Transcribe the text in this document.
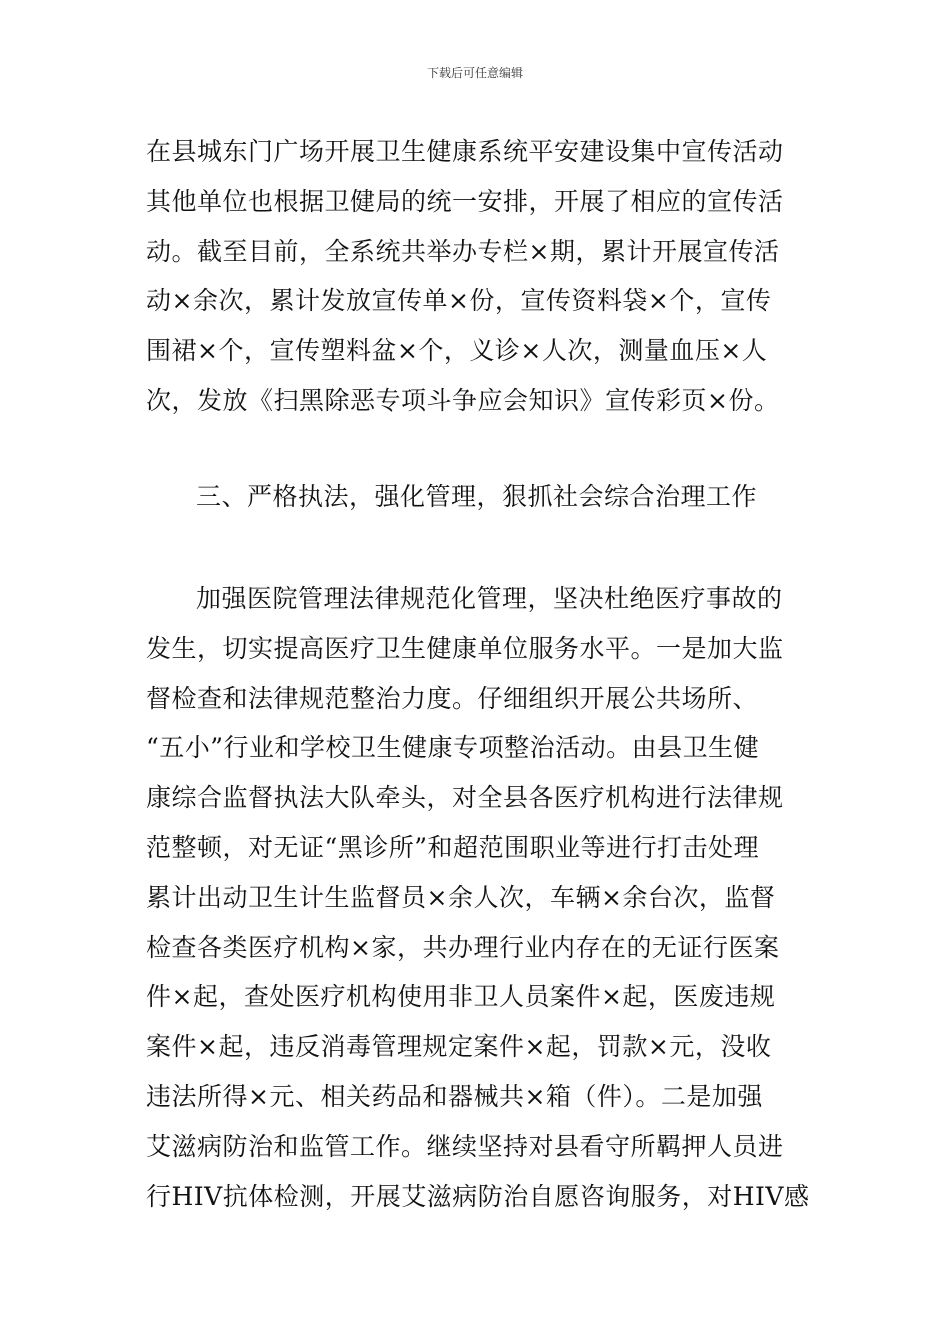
下载后可任意编辑
在县城东门广场开展卫生健康系统平安建设集中宣传活动
其他单位也根据卫健局的统一安排，开展了相应的宣传活
动。截至目前，全系统共举办专栏×期，累计开展宣传活
动×余次，累计发放宣传单×份，宣传资料袋×个，宣传
围裙×个，宣传塑料盆×个，义诊×人次，测量血压×人
次，发放《扫黑除恶专项斗争应会知识》宣传彩页×份。
三、严格执法，强化管理，狠抓社会综合治理工作
加强医院管理法律规范化管理，坚决杜绝医疗事故的
发生，切实提高医疗卫生健康单位服务水平。一是加大监
督检查和法律规范整治力度。仔细组织开展公共场所、
“五小”行业和学校卫生健康专项整治活动。由县卫生健
康综合监督执法大队牵头，对全县各医疗机构进行法律规
范整顿，对无证“黑诊所”和超范围职业等进行打击处理
累计出动卫生计生监督员×余人次，车辆×余台次，监督
检查各类医疗机构×家，共办理行业内存在的无证行医案
件×起，查处医疗机构使用非卫人员案件×起，医废违规
案件×起，违反消毒管理规定案件×起，罚款×元，没收
违法所得×元、相关药品和器械共×箱（件）。二是加强
艾滋病防治和监管工作。继续坚持对县看守所羁押人员进
行HIV抗体检测，开展艾滋病防治自愿咨询服务，对HIV感
